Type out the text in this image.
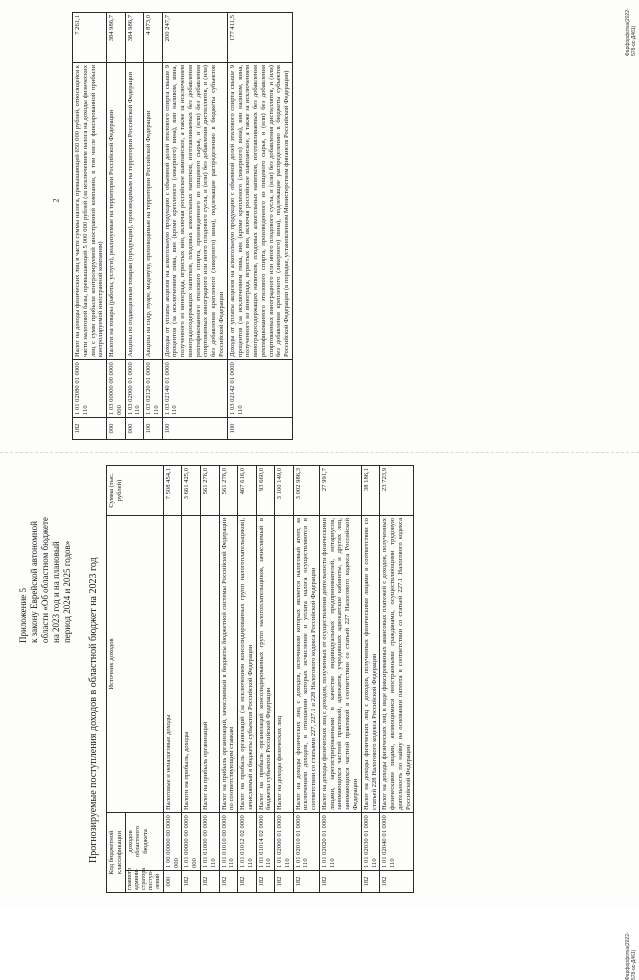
2
182	1 01 02080 01 0000 110	Налог на доходы физических лиц в части суммы налога, превышающей 650 000 рублей, относящейся к части налоговой базы, превышающей 5 000 000 рублей (за исключением налога на доходы физических лиц с сумм прибыли контролируемой иностранной компании, в том числе фиксированной прибыли контролируемой иностранной компании)	7 261,1
000	1 03 00000 00 0000 000	Налоги на товары (работы, услуги), реализуемые на территории Российской Федерации	384 986,7
000	1 03 02000 01 0000 110	Акцизы по подакцизным товарам (продукции), производимым на территории Российской Федерации	384 986,7
100	1 03 02120 01 0000 110	Акцизы на сидр, пуаре, медовуху, производимые на территории Российской Федерации	4 873,0
100	1 03 02140 01 0000 110	Доходы от уплаты акцизов на алкогольную продукцию с объемной долей этилового спирта свыше 9 процентов (за исключением пива, вин (кроме крепленого (ликерного) вина), вин наливом, вина, полученного из винограда, игристых вин, включая российское шампанское, а также за исключением виноградосодержащих напитков, плодовых алкогольных напитков, изготавливаемых без добавления ректификованного этилового спирта, произведенного из пищевого сырья, и (или) без добавления спиртованных виноградного или иного плодового сусла, и (или) без добавления дистиллятов, и (или) без добавления крепленого (ликерного) вина), подлежащие распределению в бюджеты субъектов Российской Федерации	200 247,7
100	1 03 02142 01 0000 110	Доходы от уплаты акцизов на алкогольную продукцию с объемной долей этилового спирта свыше 9 процентов (за исключением пива, вин (кроме крепленого (ликерного) вина), вин наливом, вина, полученного из винограда, игристых вин, включая российское шампанское, а также за исключением виноградосодержащих напитков, плодовых алкогольных напитков, изготавливаемых без добавления ректификованного этилового спирта, произведенного из пищевого сырья, и (или) без добавления спиртованных виноградного или иного плодового сусла, и (или) без добавления дистиллятов, и (или) без добавления крепленого (ликерного) вина), подлежащие распределению в бюджеты субъектов Российской Федерации (в порядке, установленном Министерством финансов Российской Федерации)	177 411,5	Фарфорфотка(2022-578-ос-Д461)
Приложение 5 к закону Еврейской автономной области «Об областном бюджете на 2023 год и на плановый период 2024 и 2025 годов» Прогнозируемые поступления доходов в областной бюджет на 2023 год Код бюджетной классификации		Источник доходов	Сумма (тыс. рублей)
главного админи-стратора поступ-лений	доходов областного бюджета		
000	1 00 00000 00 0000 000	Налоговые и неналоговые доходы	7 508 454,1
182	1 01 00000 00 0000 000	Налоги на прибыль, доходы	3 661 425,0
182	1 01 01000 00 0000 110	Налог на прибыль организаций	561 276,0
182	1 01 01010 00 0000 110	Налог на прибыль организаций, зачисляемый в бюджеты бюджетной системы Российской Федерации по соответствующим ставкам	561 276,0
182	1 01 01012 02 0000 110	Налог на прибыль организаций (за исключением консолидированных групп налогоплательщиков), зачисляемый в бюджеты субъектов Российской Федерации	467 616,0
182	1 01 01014 02 0000 110	Налог на прибыль организаций консолидированных групп налогоплательщиков, зачисляемый в бюджеты субъектов Российской Федерации	93 660,0
182	1 01 02000 01 0000 110	Налог на доходы физических лиц	3 100 149,0
182	1 01 02010 01 0000 110	Налог на доходы физических лиц с доходов, источником которых является налоговый агент, за исключением доходов, в отношении которых исчисление и уплата налога осуществляются в соответствии со статьями 227, 227.1 и 228 Налогового кодекса Российской Федерации	3 002 986,3
182	1 01 02020 01 0000 110	Налог на доходы физических лиц с доходов, полученных от осуществления деятельности физическими лицами, зарегистрированными в качестве индивидуальных предпринимателей, нотариусов, занимающихся частной практикой, адвокатов, учредивших адвокатские кабинеты, и других лиц, занимающихся частной практикой в соответствии со статьей 227 Налогового кодекса Российской Федерации	27 991,7
182	1 01 02030 01 0000 110	Налог на доходы физических лиц с доходов, полученных физическими лицами в соответствии со статьей 228 Налогового кодекса Российской Федерации	38 186,1
182	1 01 02040 01 0000 110	Налог на доходы физических лиц в виде фиксированных авансовых платежей с доходов, полученных физическими лицами, являющимися иностранными гражданами, осуществляющими трудовую деятельность по найму на основании патента в соответствии со статьей 227.1 Налогового кодекса Российской Федерации	23 723,9
Фарфорфотка(2022-578-ос-Д461)
